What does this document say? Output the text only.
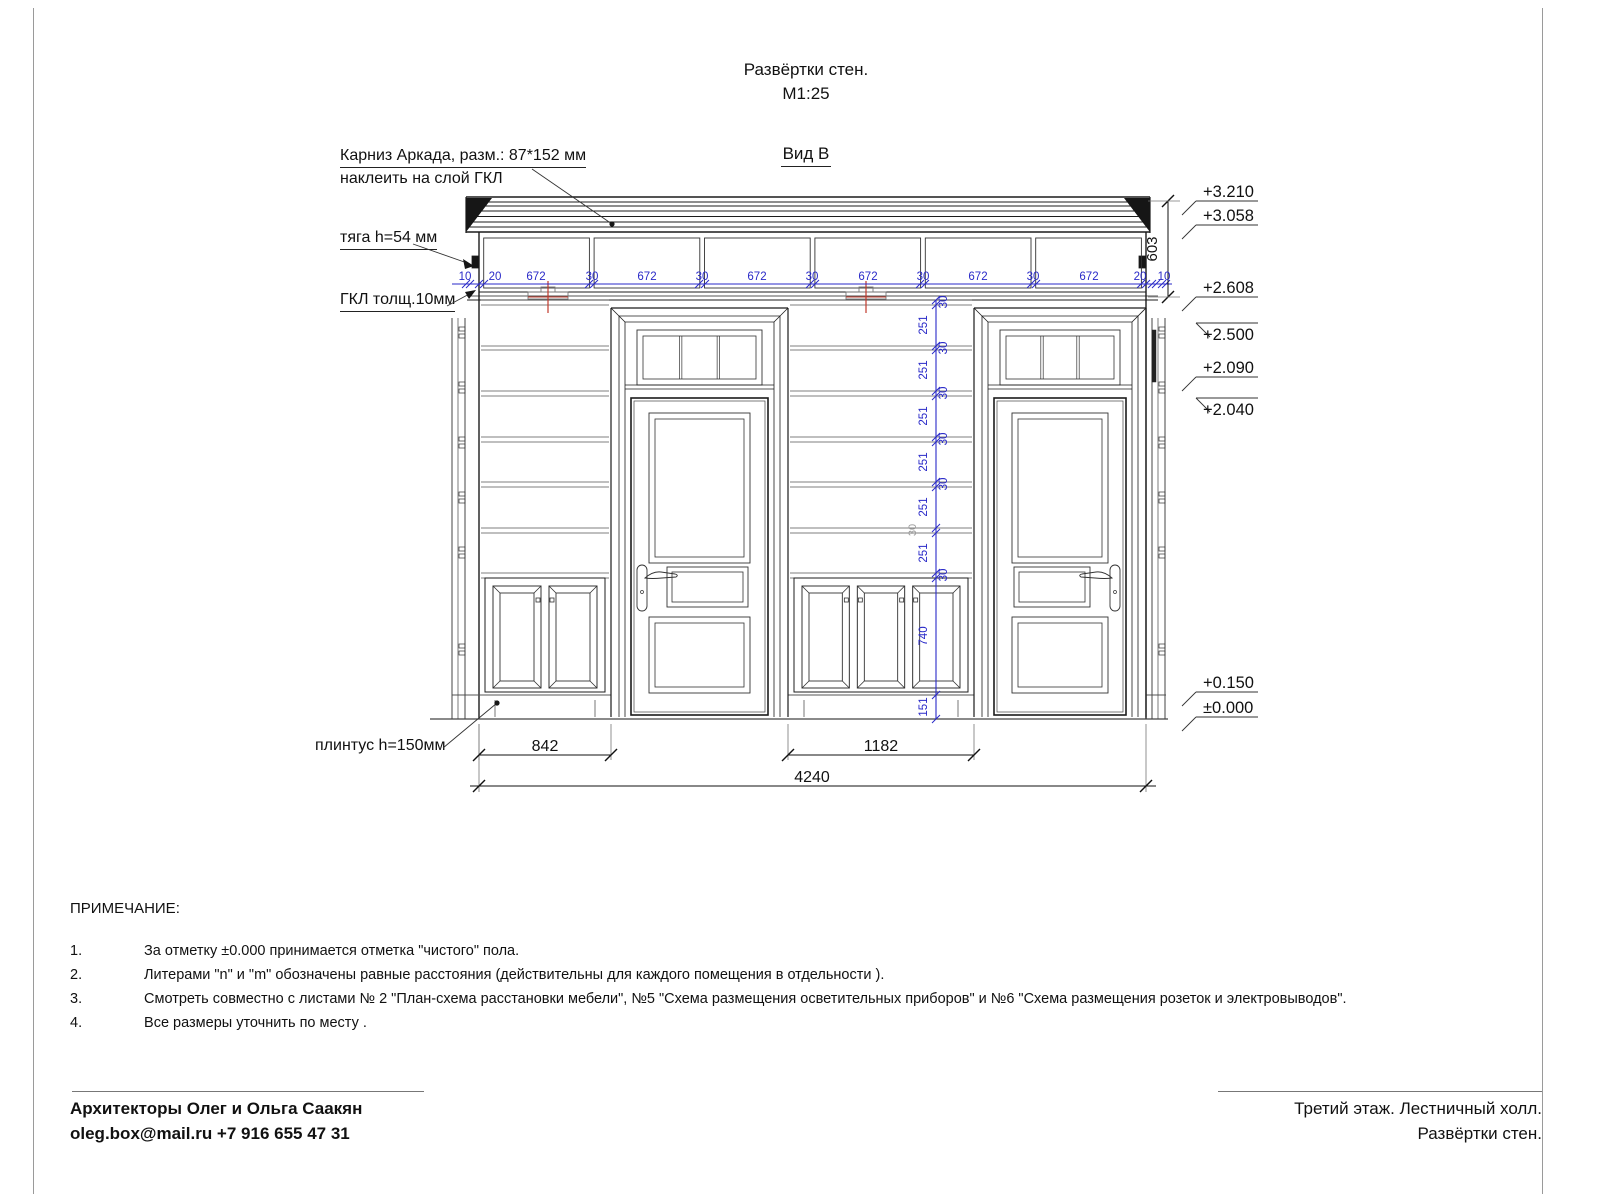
Развёртки стен.
М1:25
Вид В
Карниз Аркада, разм.: 87*152 мм
наклеить на слой ГКЛ
тяга h=54 мм
ГКЛ толщ.10мм
плинтус h=150мм
10 20 672	30	672	30	672	30	672	30	672	30	672	20 10
30
251
30
251
30
251
30
251
30
251
30
251
30
740
151
842	1182
4240
603
+3.210
+3.058
+2.608
+2.500
+2.090
+2.040
+0.150
±0.000
ПРИМЕЧАНИЕ:
1.	За отметку ±0.000 принимается отметка "чистого" пола.
2.	Литерами "n" и "m" обозначены равные расстояния (действительны для каждого помещения в отдельности ).
3.	Смотреть совместно с листами № 2 "План-схема расстановки мебели", №5 "Схема размещения осветительных приборов" и №6 "Схема размещения розеток и электровыводов".
4.	Все размеры уточнить по месту .
Архитекторы Олег и Ольга Саакян
oleg.box@mail.ru +7 916 655 47 31
Третий этаж. Лестничный холл.
Развёртки стен.
